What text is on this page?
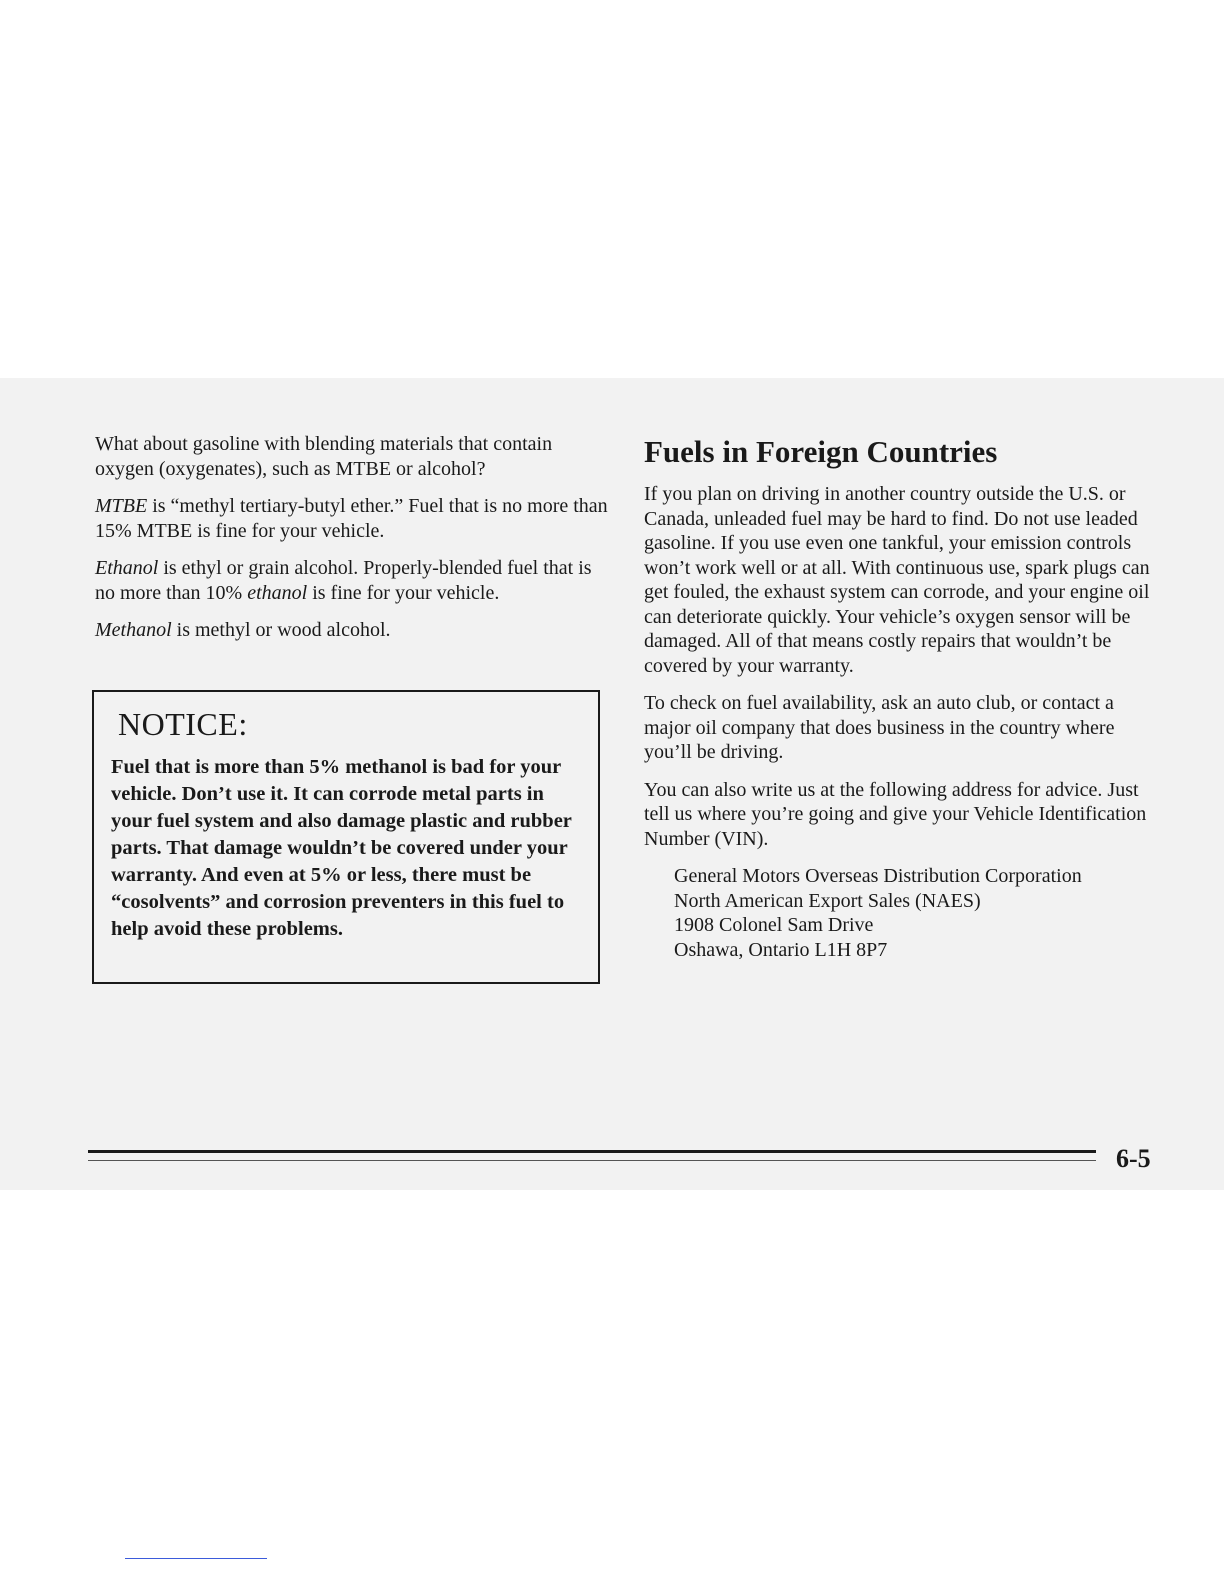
What about gasoline with blending materials that contain oxygen (oxygenates), such as MTBE or alcohol?

MTBE is “methyl tertiary-butyl ether.” Fuel that is no more than 15% MTBE is fine for your vehicle.

Ethanol is ethyl or grain alcohol. Properly-blended fuel that is no more than 10% ethanol is fine for your vehicle.

Methanol is methyl or wood alcohol.

NOTICE:
Fuel that is more than 5% methanol is bad for your vehicle. Don’t use it. It can corrode metal parts in your fuel system and also damage plastic and rubber parts. That damage wouldn’t be covered under your warranty. And even at 5% or less, there must be “cosolvents” and corrosion preventers in this fuel to help avoid these problems.
Fuels in Foreign Countries

If you plan on driving in another country outside the U.S. or Canada, unleaded fuel may be hard to find. Do not use leaded gasoline. If you use even one tankful, your emission controls won’t work well or at all. With continuous use, spark plugs can get fouled, the exhaust system can corrode, and your engine oil can deteriorate quickly. Your vehicle’s oxygen sensor will be damaged. All of that means costly repairs that wouldn’t be covered by your warranty.

To check on fuel availability, ask an auto club, or contact a major oil company that does business in the country where you’ll be driving.

You can also write us at the following address for advice. Just tell us where you’re going and give your Vehicle Identification Number (VIN).

General Motors Overseas Distribution Corporation
North American Export Sales (NAES)
1908 Colonel Sam Drive
Oshawa, Ontario L1H 8P7
6-5
